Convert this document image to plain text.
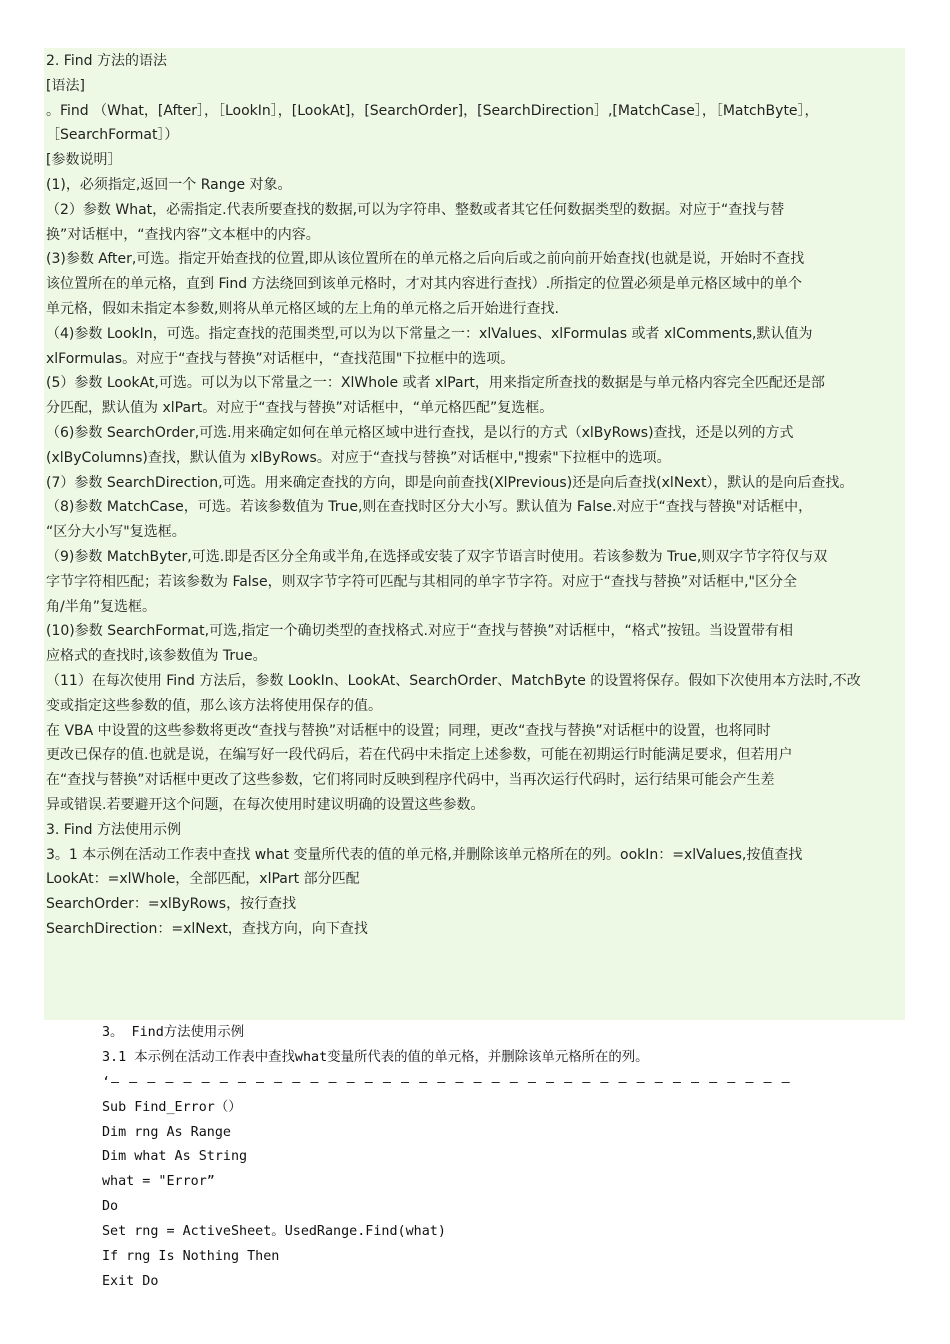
2. Find 方法的语法
[语法]
。Find （What，[After］，［LookIn］，[LookAt]，[SearchOrder]，[SearchDirection］,[MatchCase］，［MatchByte］，
［SearchFormat］）
[参数说明］
(1)，必须指定,返回一个 Range 对象。
（2）参数 What，必需指定.代表所要查找的数据,可以为字符串、整数或者其它任何数据类型的数据。对应于“查找与替
换”对话框中，“查找内容”文本框中的内容。
(3)参数 After,可选。指定开始查找的位置,即从该位置所在的单元格之后向后或之前向前开始查找(也就是说，开始时不查找
该位置所在的单元格，直到 Find 方法绕回到该单元格时，才对其内容进行查找）.所指定的位置必须是单元格区域中的单个
单元格，假如未指定本参数,则将从单元格区域的左上角的单元格之后开始进行查找.
（4)参数 LookIn，可选。指定查找的范围类型,可以为以下常量之一：xlValues、xlFormulas 或者 xlComments,默认值为
xlFormulas。对应于“查找与替换”对话框中，“查找范围"下拉框中的选项。
(5）参数 LookAt,可选。可以为以下常量之一：XlWhole 或者 xlPart，用来指定所查找的数据是与单元格内容完全匹配还是部
分匹配，默认值为 xlPart。对应于“查找与替换”对话框中，“单元格匹配”复选框。
（6)参数 SearchOrder,可选.用来确定如何在单元格区域中进行查找，是以行的方式（xlByRows)查找，还是以列的方式
(xlByColumns)查找，默认值为 xlByRows。对应于“查找与替换”对话框中,"搜索"下拉框中的选项。
(7）参数 SearchDirection,可选。用来确定查找的方向，即是向前查找(XlPrevious)还是向后查找(xlNext），默认的是向后查找。
（8)参数 MatchCase，可选。若该参数值为 True,则在查找时区分大小写。默认值为 False.对应于“查找与替换"对话框中，
“区分大小写"复选框。
（9)参数 MatchByter,可选.即是否区分全角或半角,在选择或安装了双字节语言时使用。若该参数为 True,则双字节字符仅与双
字节字符相匹配；若该参数为 False，则双字节字符可匹配与其相同的单字节字符。对应于“查找与替换”对话框中,"区分全
角/半角”复选框。
(10)参数 SearchFormat,可选,指定一个确切类型的查找格式.对应于“查找与替换”对话框中，“格式”按钮。当设置带有相
应格式的查找时,该参数值为 True。
（11）在每次使用 Find 方法后，参数 LookIn、LookAt、SearchOrder、MatchByte 的设置将保存。假如下次使用本方法时,不改
变或指定这些参数的值，那么该方法将使用保存的值。
在 VBA 中设置的这些参数将更改“查找与替换”对话框中的设置；同理，更改“查找与替换”对话框中的设置，也将同时
更改已保存的值.也就是说，在编写好一段代码后，若在代码中未指定上述参数，可能在初期运行时能满足要求，但若用户
在“查找与替换”对话框中更改了这些参数，它们将同时反映到程序代码中，当再次运行代码时，运行结果可能会产生差
异或错误.若要避开这个问题，在每次使用时建议明确的设置这些参数。
3. Find 方法使用示例
3。1 本示例在活动工作表中查找 what 变量所代表的值的单元格,并删除该单元格所在的列。ookIn：=xlValues,按值查找
LookAt：=xlWhole，全部匹配，xlPart 部分匹配
SearchOrder：=xlByRows，按行查找
SearchDirection：=xlNext，查找方向，向下查找
3。 Find方法使用示例
3.1 本示例在活动工作表中查找what变量所代表的值的单元格，并删除该单元格所在的列。
‘— — — — — — — — — — — — — — — — — — — — — — — — — — — — — — — — — — — — — —
Sub Find_Error（）
Dim rng As Range
Dim what As String
what = "Error”
Do
Set rng = ActiveSheet。UsedRange.Find(what)
If rng Is Nothing Then
Exit Do
